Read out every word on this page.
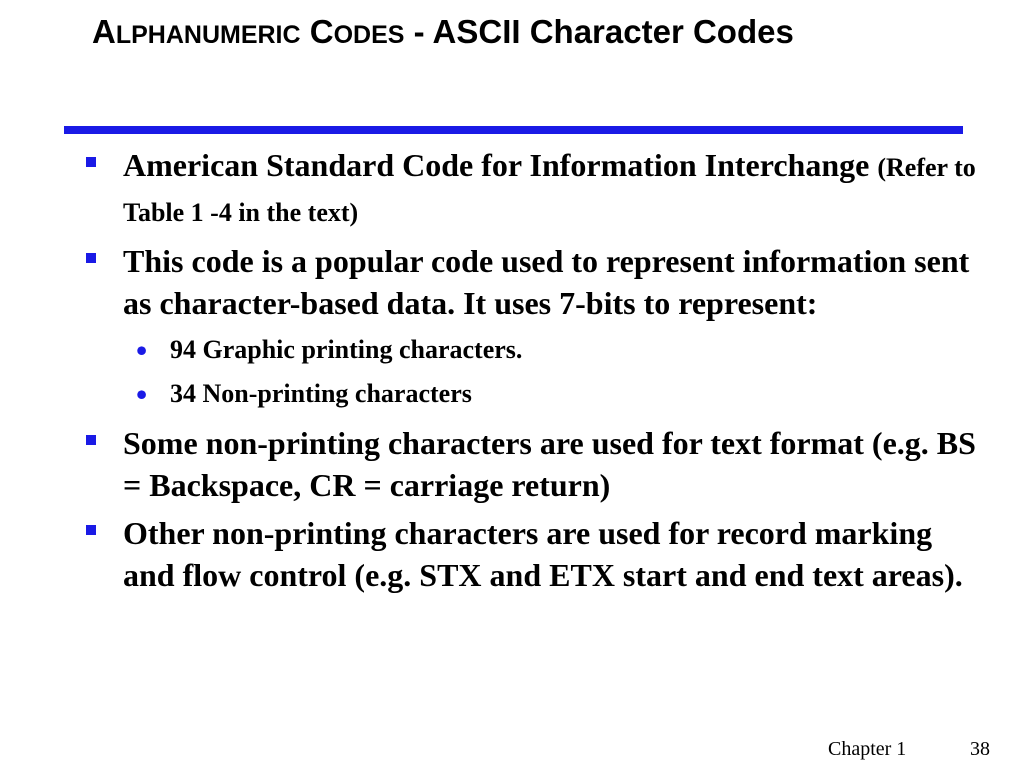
ALPHANUMERIC CODES - ASCII Character Codes
American Standard Code for Information Interchange (Refer to Table 1 -4 in the text)
This code is a popular code used to represent information sent as character-based data. It uses 7-bits to represent:
• 94 Graphic printing characters.
• 34 Non-printing characters
Some non-printing characters are used for text format (e.g. BS = Backspace, CR = carriage return)
Other non-printing characters are used for record marking and flow control (e.g. STX and ETX start and end text areas).
Chapter 1	38
